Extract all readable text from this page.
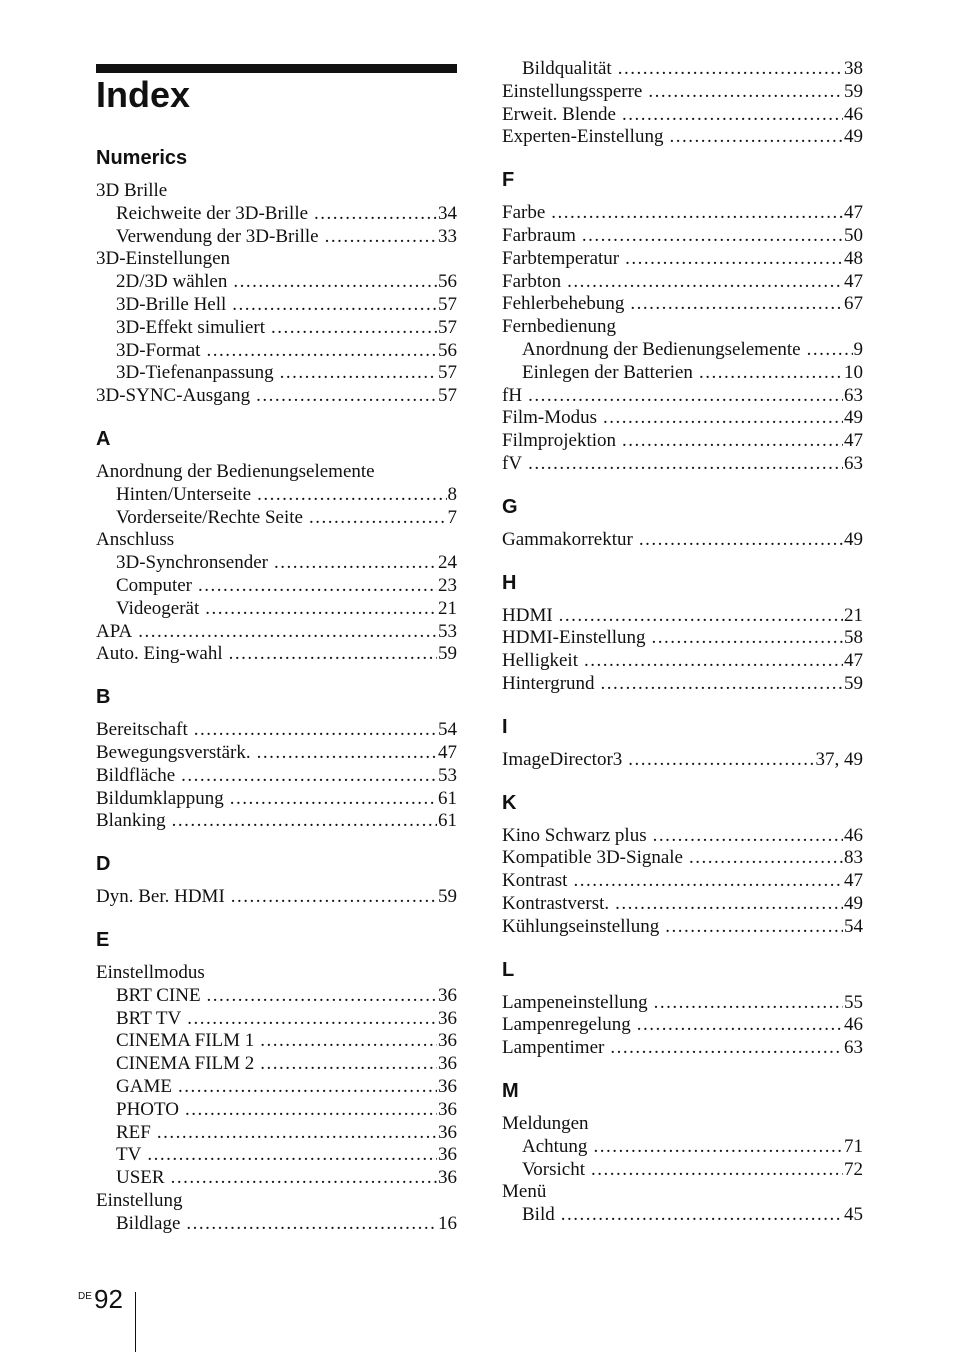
Index
Numerics
3D Brille
Reichweite der 3D-Brille .....	34
Verwendung der 3D-Brille .....	33
3D-Einstellungen
2D/3D wählen .....	56
3D-Brille Hell .....	57
3D-Effekt simuliert .....	57
3D-Format .....	56
3D-Tiefenanpassung .....	57
3D-SYNC-Ausgang .....	57
A
Anordnung der Bedienungselemente
Hinten/Unterseite .....	8
Vorderseite/Rechte Seite .....	7
Anschluss
3D-Synchronsender .....	24
Computer .....	23
Videogerät .....	21
APA .....	53
Auto. Eing-wahl .....	59
B
Bereitschaft .....	54
Bewegungsverstärk. .....	47
Bildfläche .....	53
Bildumklappung .....	61
Blanking .....	61
D
Dyn. Ber. HDMI .....	59
E
Einstellmodus
BRT CINE .....	36
BRT TV .....	36
CINEMA FILM 1 .....	36
CINEMA FILM 2 .....	36
GAME .....	36
PHOTO .....	36
REF .....	36
TV .....	36
USER .....	36
Einstellung
Bildlage .....	16
Bildqualität .....	38
Einstellungssperre .....	59
Erweit. Blende .....	46
Experten-Einstellung .....	49
F
Farbe .....	47
Farbraum .....	50
Farbtemperatur .....	48
Farbton .....	47
Fehlerbehebung .....	67
Fernbedienung
Anordnung der Bedienungselemente .....	9
Einlegen der Batterien .....	10
fH .....	63
Film-Modus .....	49
Filmprojektion .....	47
fV .....	63
G
Gammakorrektur .....	49
H
HDMI .....	21
HDMI-Einstellung .....	58
Helligkeit .....	47
Hintergrund .....	59
I
ImageDirector3 .....	37, 49
K
Kino Schwarz plus .....	46
Kompatible 3D-Signale .....	83
Kontrast .....	47
Kontrastverst. .....	49
Kühlungseinstellung .....	54
L
Lampeneinstellung .....	55
Lampenregelung .....	46
Lampentimer .....	63
M
Meldungen
Achtung .....	71
Vorsicht .....	72
Menü
Bild .....	45
DE 92
